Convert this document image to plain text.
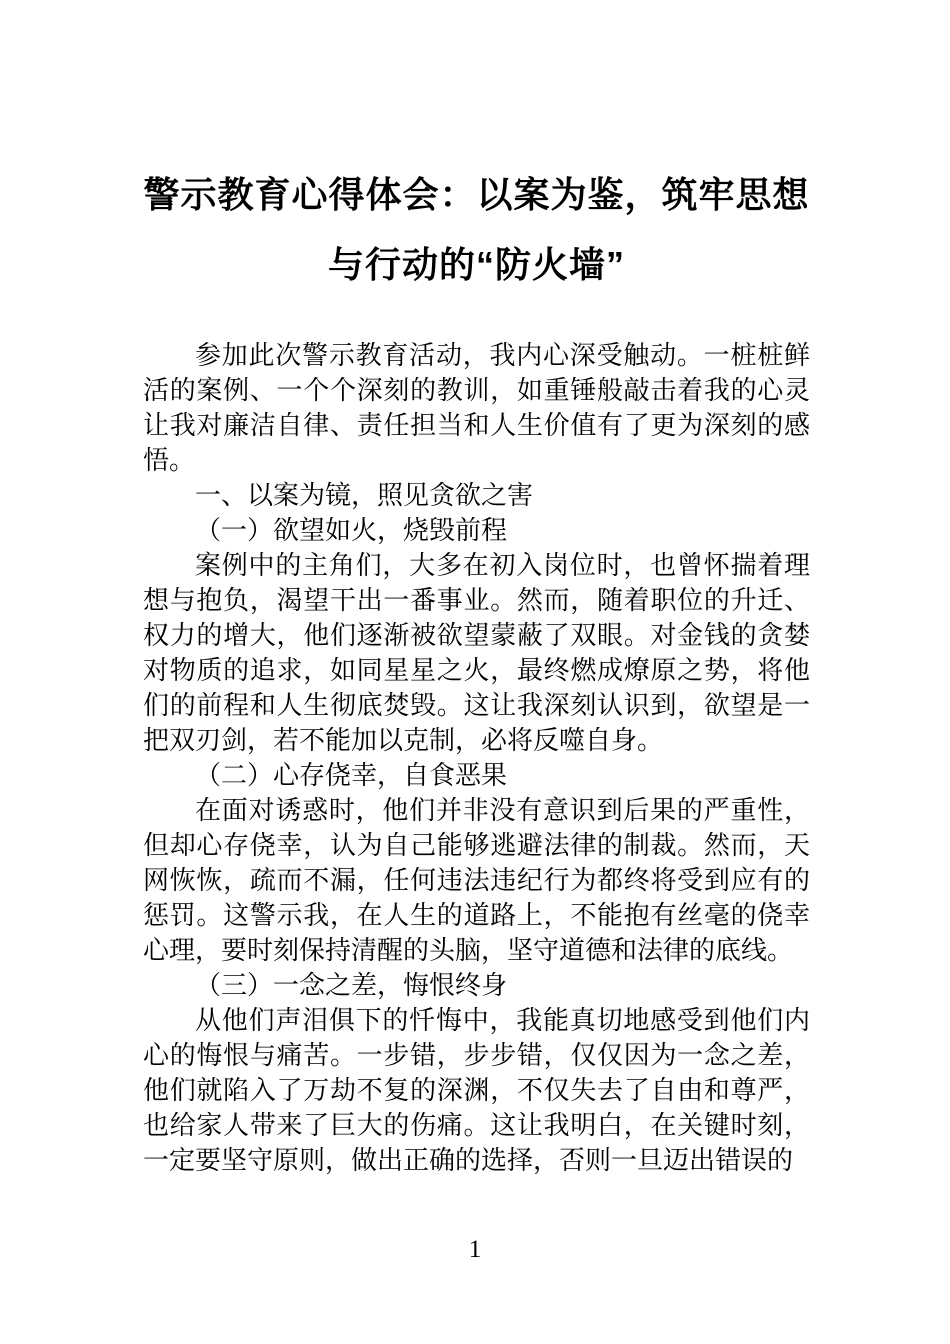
警示教育心得体会：以案为鉴，筑牢思想与行动的“防火墙”

参加此次警示教育活动，我内心深受触动。一桩桩鲜活的案例、一个个深刻的教训，如重锤般敲击着我的心灵让我对廉洁自律、责任担当和人生价值有了更为深刻的感悟。

一、以案为镜，照见贪欲之害

（一）欲望如火，烧毁前程

案例中的主角们，大多在初入岗位时，也曾怀揣着理想与抱负，渴望干出一番事业。然而，随着职位的升迁、权力的增大，他们逐渐被欲望蒙蔽了双眼。对金钱的贪婪对物质的追求，如同星星之火，最终燃成燎原之势，将他们的前程和人生彻底焚毁。这让我深刻认识到，欲望是一把双刃剑，若不能加以克制，必将反噬自身。

（二）心存侥幸，自食恶果

在面对诱惑时，他们并非没有意识到后果的严重性，但却心存侥幸，认为自己能够逃避法律的制裁。然而，天网恢恢，疏而不漏，任何违法违纪行为都终将受到应有的惩罚。这警示我，在人生的道路上，不能抱有丝毫的侥幸心理，要时刻保持清醒的头脑，坚守道德和法律的底线。

（三）一念之差，悔恨终身

从他们声泪俱下的忏悔中，我能真切地感受到他们内心的悔恨与痛苦。一步错，步步错，仅仅因为一念之差，他们就陷入了万劫不复的深渊，不仅失去了自由和尊严，也给家人带来了巨大的伤痛。这让我明白，在关键时刻，一定要坚守原则，做出正确的选择，否则一旦迈出错误的

1
